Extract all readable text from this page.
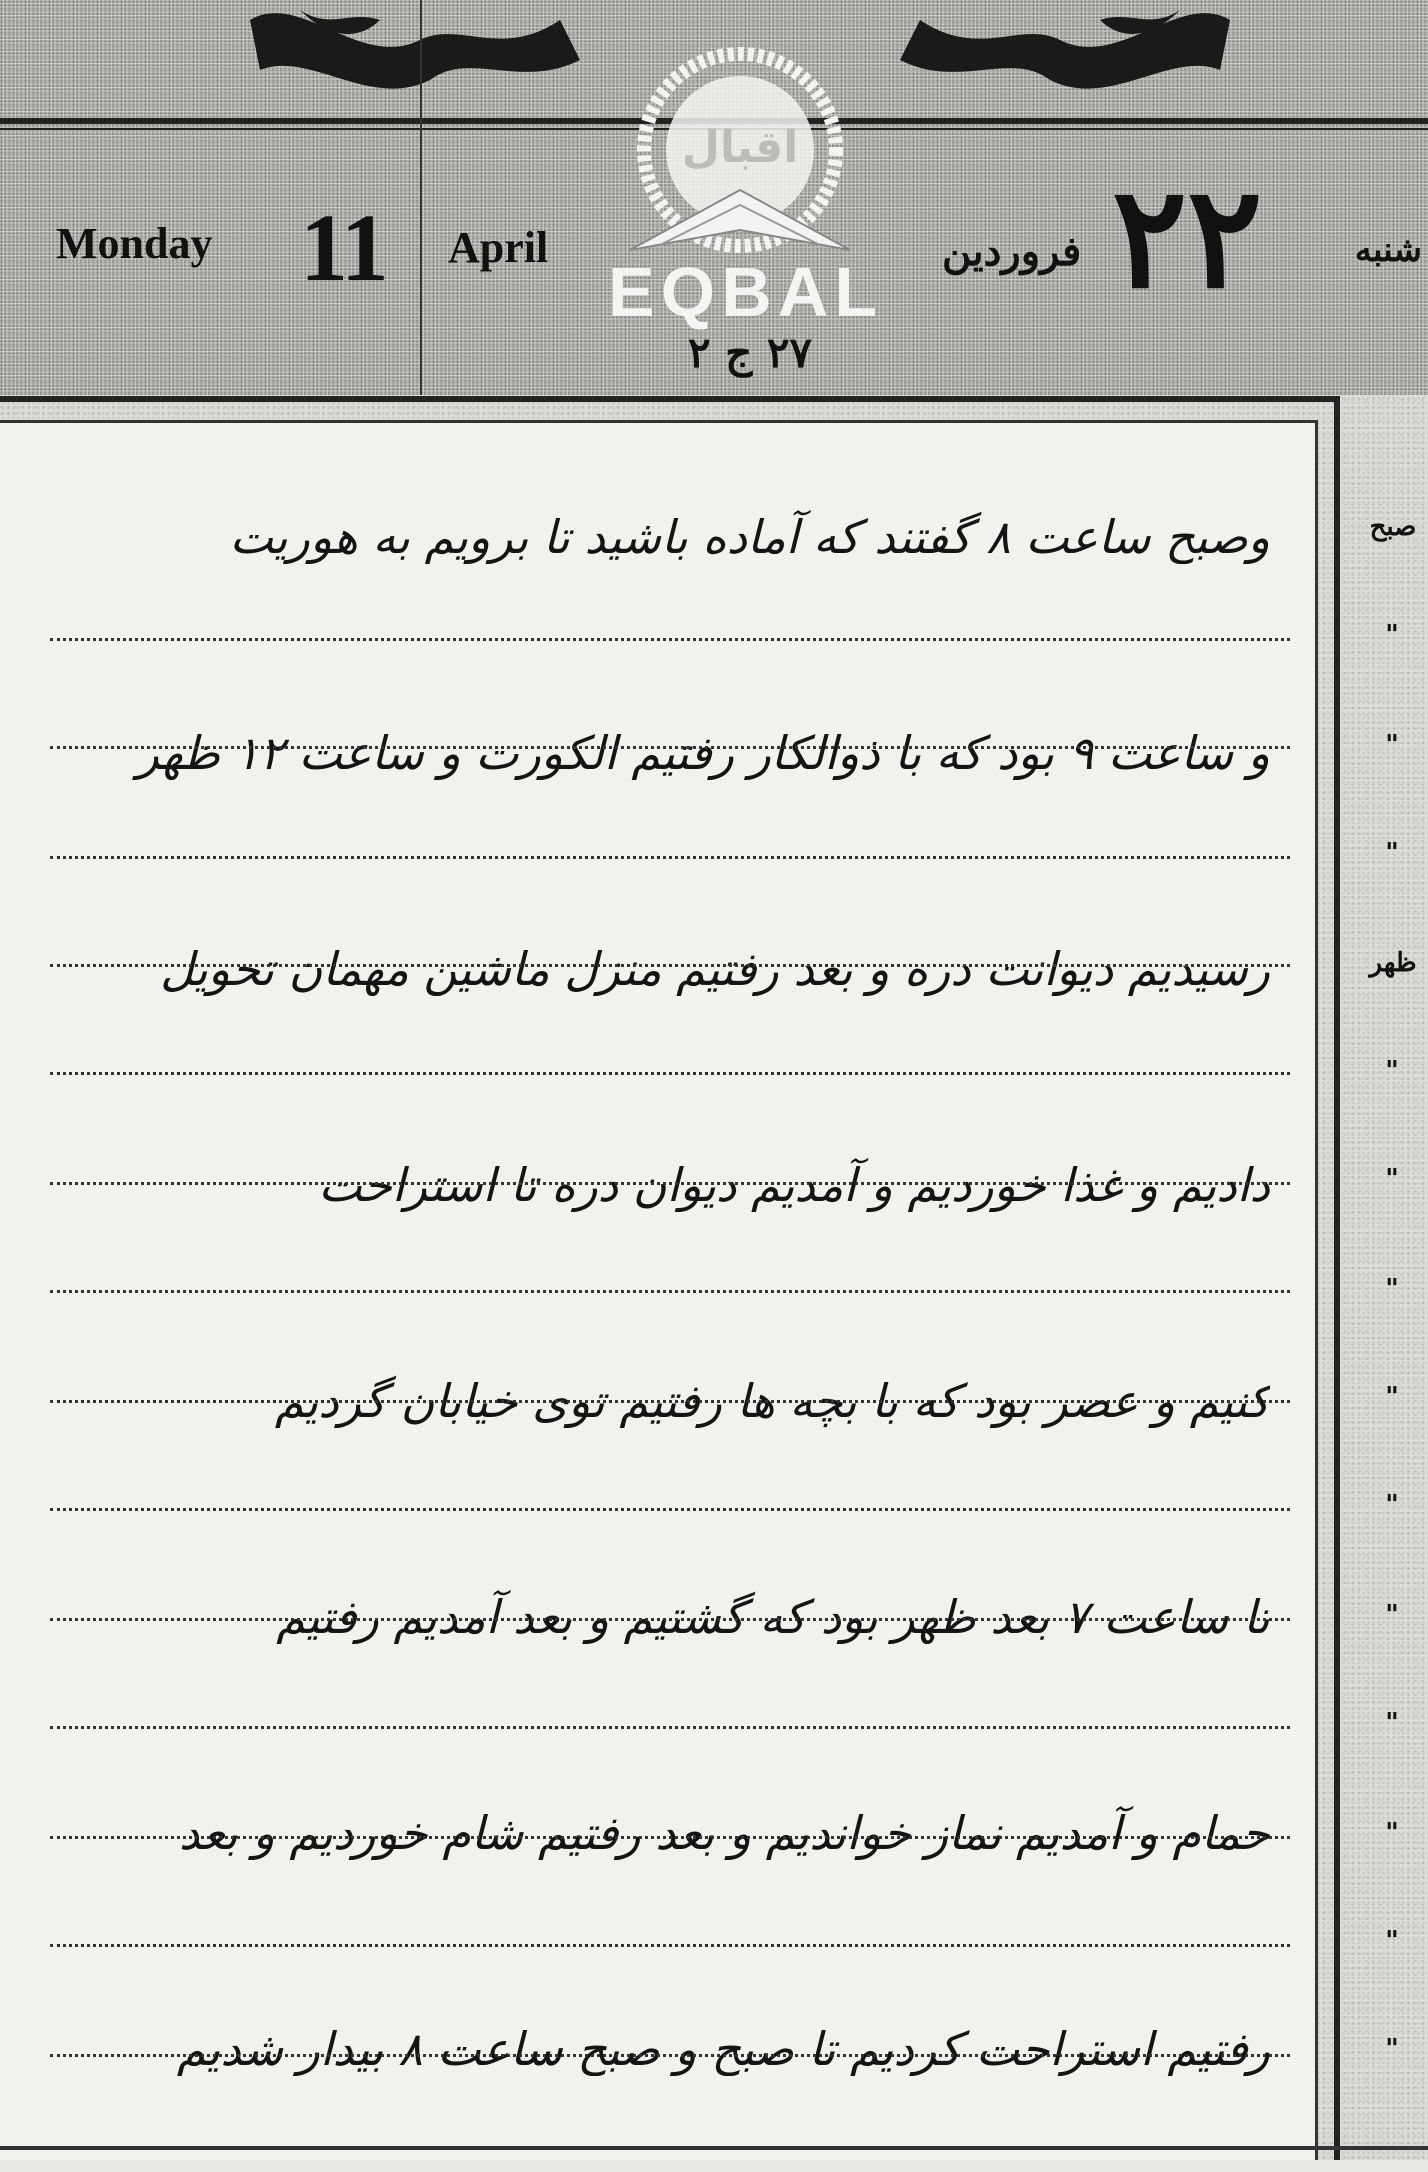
Monday 11 April
اقبال
EQBAL
۲۷ ج ۲
فروردین ۲۲	شنبه
وصبح ساعت ۸ گفتند که آماده باشید تا برویم به هوریت
و ساعت ۹ بود که با ذوالکار رفتیم الکورت و ساعت ۱۲ ظهر
رسیدیم دیوانت دره و بعد رفتیم منزل ماشین مهمان تحویل
دادیم و غذا خوردیم و آمدیم دیوان دره تا استراحت
کنیم و عصر بود که با بچه ها رفتیم توی خیابان گردیم
تا ساعت ۷ بعد ظهر بود که گشتیم و بعد آمدیم رفتیم
حمام و آمدیم نماز خواندیم و بعد رفتیم شام خوردیم و بعد
رفتیم استراحت کردیم تا صبح و صبح ساعت ۸ بیدار شدیم
صبح
"
"
"
ظهر
"
"
"
"
"
"
"
"
"
"
